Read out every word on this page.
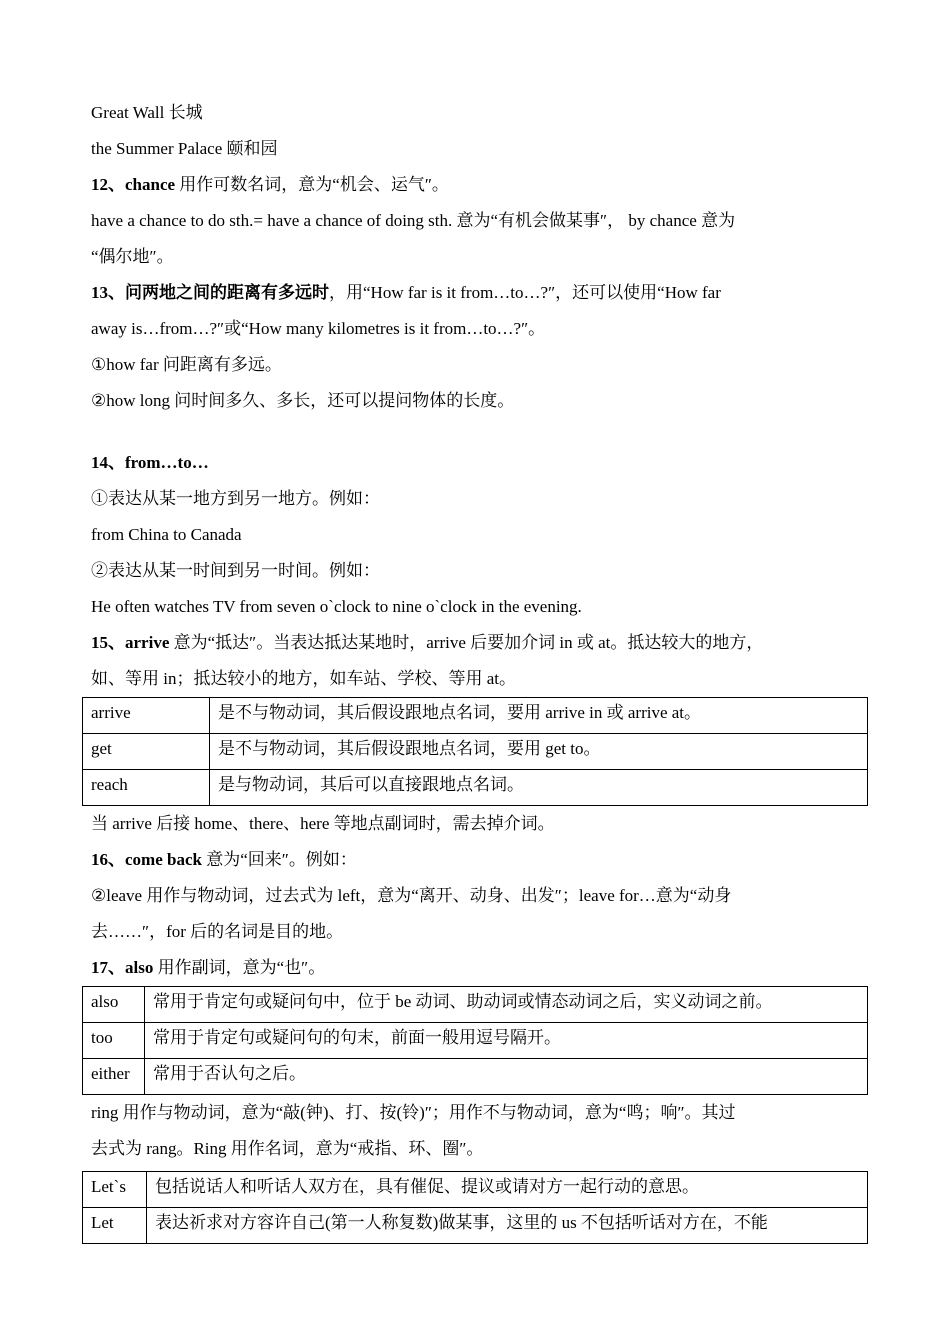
Great Wall 长城
the Summer Palace 颐和园
12、chance 用作可数名词，意为“机会、运气″。
have a chance to do sth.= have a chance of doing sth. 意为“有机会做某事″， by chance 意为
“偶尔地″。
13、问两地之间的距离有多远时，用“How far is it from…to…?″，还可以使用“How far
away is…from…?″或“How many kilometres is it from…to…?″。
①how far 问距离有多远。
②how long 问时间多久、多长，还可以提问物体的长度。
14、from…to…
①表达从某一地方到另一地方。例如：
from China to Canada
②表达从某一时间到另一时间。例如：
He often watches TV from seven o`clock to nine o`clock in the evening.
15、arrive 意为“抵达″。当表达抵达某地时，arrive 后要加介词 in 或 at。抵达较大的地方，
如、等用 in；抵达较小的地方，如车站、学校、等用 at。
arrive	是不与物动词，其后假设跟地点名词，要用 arrive in 或 arrive at。
get	是不与物动词，其后假设跟地点名词，要用 get to。
reach	是与物动词，其后可以直接跟地点名词。
当 arrive 后接 home、there、here 等地点副词时，需去掉介词。
16、come back 意为“回来″。例如：
②leave 用作与物动词，过去式为 left，意为“离开、动身、出发″；leave for…意为“动身
去……″，for 后的名词是目的地。
17、also 用作副词，意为“也″。
also	常用于肯定句或疑问句中，位于 be 动词、助动词或情态动词之后，实义动词之前。
too	常用于肯定句或疑问句的句末，前面一般用逗号隔开。
either	常用于否认句之后。
ring 用作与物动词，意为“敲(钟)、打、按(铃)″；用作不与物动词，意为“鸣；响″。其过
去式为 rang。Ring 用作名词，意为“戒指、环、圈″。
Let`s	包括说话人和听话人双方在，具有催促、提议或请对方一起行动的意思。
Let	表达祈求对方容许自己(第一人称复数)做某事，这里的 us 不包括听话对方在，不能
